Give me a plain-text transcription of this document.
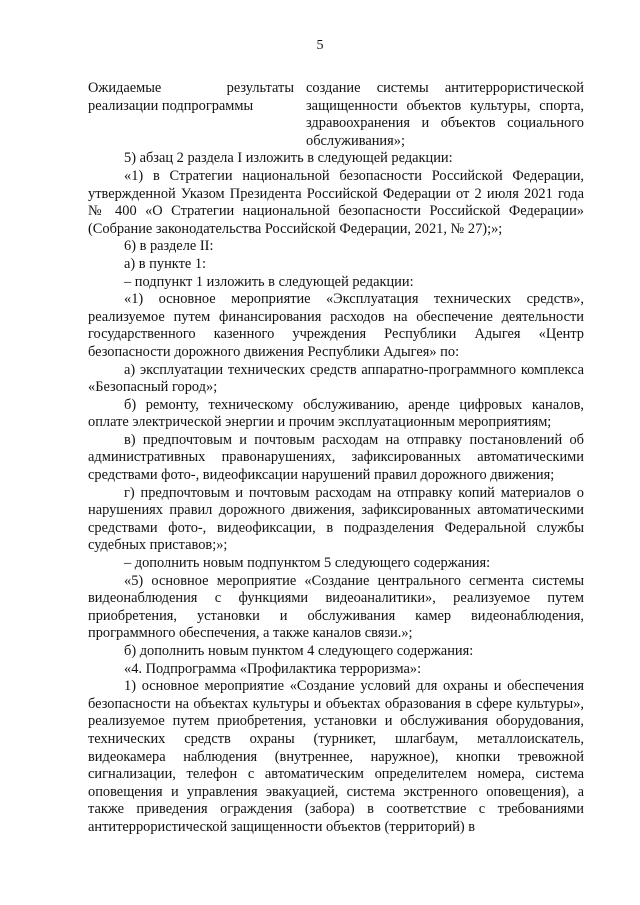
5
Ожидаемые результаты реализации подпрограммы
создание системы антитеррористической защищенности объектов культуры, спорта, здравоохранения и объектов социального обслуживания»;

5) абзац 2 раздела I изложить в следующей редакции:

«1) в Стратегии национальной безопасности Российской Федерации, утвержденной Указом Президента Российской Федерации от 2 июля 2021 года № 400 «О Стратегии национальной безопасности Российской Федерации» (Собрание законодательства Российской Федерации, 2021, № 27);»;

6) в разделе II:

а) в пункте 1:

– подпункт 1 изложить в следующей редакции:

«1) основное мероприятие «Эксплуатация технических средств», реализуемое путем финансирования расходов на обеспечение деятельности государственного казенного учреждения Республики Адыгея «Центр безопасности дорожного движения Республики Адыгея» по:

а) эксплуатации технических средств аппаратно-программного комплекса «Безопасный город»;

б) ремонту, техническому обслуживанию, аренде цифровых каналов, оплате электрической энергии и прочим эксплуатационным мероприятиям;

в) предпочтовым и почтовым расходам на отправку постановлений об административных правонарушениях, зафиксированных автоматическими средствами фото-, видеофиксации нарушений правил дорожного движения;

г) предпочтовым и почтовым расходам на отправку копий материалов о нарушениях правил дорожного движения, зафиксированных автоматическими средствами фото-, видеофиксации, в подразделения Федеральной службы судебных приставов;»;

– дополнить новым подпунктом 5 следующего содержания:

«5) основное мероприятие «Создание центрального сегмента системы видеонаблюдения с функциями видеоаналитики», реализуемое путем приобретения, установки и обслуживания камер видеонаблюдения, программного обеспечения, а также каналов связи.»;

б) дополнить новым пунктом 4 следующего содержания:

«4. Подпрограмма «Профилактика терроризма»:

1) основное мероприятие «Создание условий для охраны и обеспечения безопасности на объектах культуры и объектах образования в сфере культуры», реализуемое путем приобретения, установки и обслуживания оборудования, технических средств охраны (турникет, шлагбаум, металлоискатель, видеокамера наблюдения (внутреннее, наружное), кнопки тревожной сигнализации, телефон с автоматическим определителем номера, система оповещения и управления эвакуацией, система экстренного оповещения), а также приведения ограждения (забора) в соответствие с требованиями антитеррористической защищенности объектов (территорий) в
